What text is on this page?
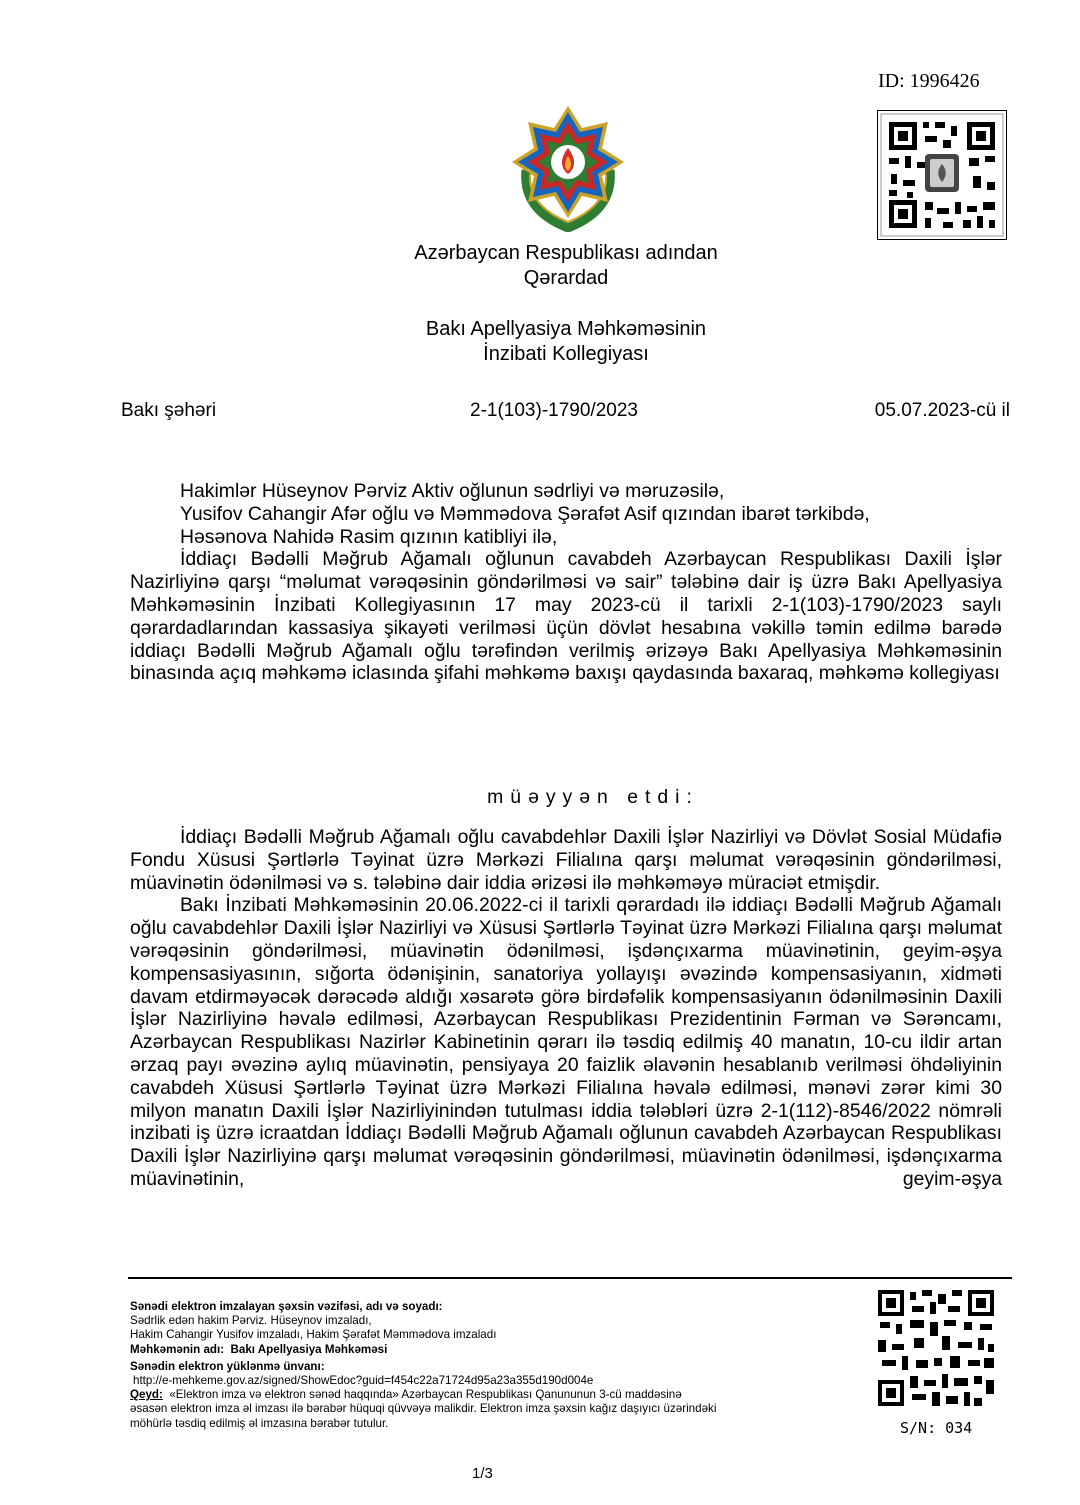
ID: 1996426
Azərbaycan Respublikası adından
Qərardad
Bakı Apellyasiya Məhkəməsinin
İnzibati Kollegiyası
Bakı şəhəri	2-1(103)-1790/2023	05.07.2023-cü il

Hakimlər Hüseynov Pərviz Aktiv oğlunun sədrliyi və məruzəsilə,

Yusifov Cahangir Afər oğlu və Məmmədova Şərafət Asif qızından ibarət tərkibdə,

Həsənova Nahidə Rasim qızının katibliyi ilə,

İddiaçı Bədəlli Məğrub Ağamalı oğlunun cavabdeh Azərbaycan Respublikası Daxili İşlər Nazirliyinə qarşı “məlumat vərəqəsinin göndərilməsi və sair” tələbinə dair iş üzrə Bakı Apellyasiya Məhkəməsinin İnzibati Kollegiyasının 17 may 2023-cü il tarixli 2-1(103)-1790/2023 saylı qərardadlarından kassasiya şikayəti verilməsi üçün dövlət hesabına vəkillə təmin edilmə barədə iddiaçı Bədəlli Məğrub Ağamalı oğlu tərəfindən verilmiş ərizəyə Bakı Apellyasiya Məhkəməsinin binasında açıq məhkəmə iclasında şifahi məhkəmə baxışı qaydasında baxaraq, məhkəmə kollegiyası

müəyyən etdi:

İddiaçı Bədəlli Məğrub Ağamalı oğlu cavabdehlər Daxili İşlər Nazirliyi və Dövlət Sosial Müdafiə Fondu Xüsusi Şərtlərlə Təyinat üzrə Mərkəzi Filialına qarşı məlumat vərəqəsinin göndərilməsi, müavinətin ödənilməsi və s. tələbinə dair iddia ərizəsi ilə məhkəməyə müraciət etmişdir.

Bakı İnzibati Məhkəməsinin 20.06.2022-ci il tarixli qərardadı ilə iddiaçı Bədəlli Məğrub Ağamalı oğlu cavabdehlər Daxili İşlər Nazirliyi və Xüsusi Şərtlərlə Təyinat üzrə Mərkəzi Filialına qarşı məlumat vərəqəsinin göndərilməsi, müavinətin ödənilməsi, işdənçıxarma müavinətinin, geyim-əşya kompensasiyasının, sığorta ödənişinin, sanatoriya yollayışı əvəzində kompensasiyanın, xidməti davam etdirməyəcək dərəcədə aldığı xəsarətə görə birdəfəlik kompensasiyanın ödənilməsinin Daxili İşlər Nazirliyinə həvalə edilməsi, Azərbaycan Respublikası Prezidentinin Fərman və Sərəncamı, Azərbaycan Respublikası Nazirlər Kabinetinin qərarı ilə təsdiq edilmiş 40 manatın, 10-cu ildir artan ərzaq payı əvəzinə aylıq müavinətin, pensiyaya 20 faizlik əlavənin hesablanıb verilməsi öhdəliyinin cavabdeh Xüsusi Şərtlərlə Təyinat üzrə Mərkəzi Filialına həvalə edilməsi, mənəvi zərər kimi 30 milyon manatın Daxili İşlər Nazirliyinindən tutulması iddia tələbləri üzrə 2-1(112)-8546/2022 nömrəli inzibati iş üzrə icraatdan İddiaçı Bədəlli Məğrub Ağamalı oğlunun cavabdeh Azərbaycan Respublikası Daxili İşlər Nazirliyinə qarşı məlumat vərəqəsinin göndərilməsi, müavinətin ödənilməsi, işdənçıxarma müavinətinin, geyim-əşya

Sənədi elektron imzalayan şəxsin vəzifəsi, adı və soyadı:
Sədrlik edən hakim Pərviz. Hüseynov imzaladı,
Hakim Cahangir Yusifov imzaladı, Hakim Şərafət Məmmədova imzaladı
Məhkəmənin adı: Bakı Apellyasiya Məhkəməsi
Sənədin elektron yüklənmə ünvanı:
http://e-mehkeme.gov.az/signed/ShowEdoc?guid=f454c22a71724d95a23a355d190d004e
Qeyd: «Elektron imza və elektron sənəd haqqında» Azərbaycan Respublikası Qanununun 3-cü maddəsinə
əsasən elektron imza əl imzası ilə bərabər hüquqi qüvvəyə malikdir. Elektron imza şəxsin kağız daşıyıcı üzərindəki
möhürlə təsdiq edilmiş əl imzasına bərabər tutulur.	S/N: 034
1/3
